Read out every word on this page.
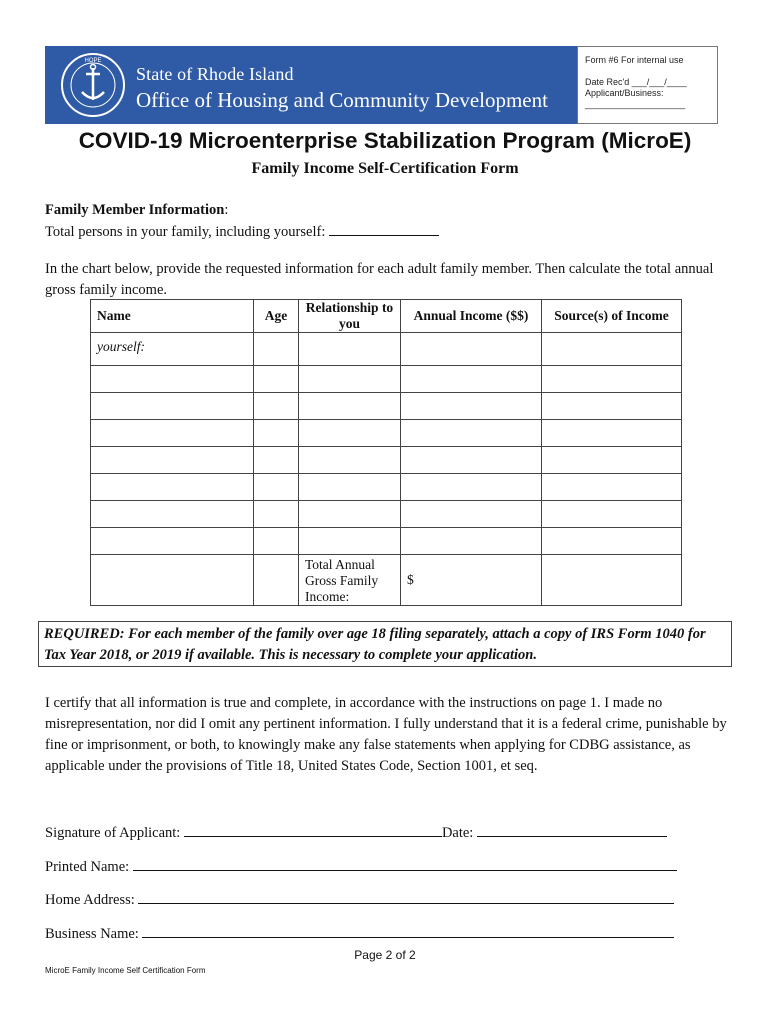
HOPE
State of Rhode Island
Office of Housing and Community Development
Form #6 For internal use
Date Rec'd ___/___/____
Applicant/Business:
____________________
COVID-19 Microenterprise Stabilization Program (MicroE)
Family Income Self-Certification Form
Family Member Information:
Total persons in your family, including yourself:
In the chart below, provide the requested information for each adult family member. Then calculate the total annual gross family income.
Name	Age	Relationship to you	Annual Income ($$)	Source(s) of Income
yourself:				

		Total Annual Gross Family Income:	$	
REQUIRED: For each member of the family over age 18 filing separately, attach a copy of IRS Form 1040 for Tax Year 2018, or 2019 if available. This is necessary to complete your application.
I certify that all information is true and complete, in accordance with the instructions on page 1. I made no misrepresentation, nor did I omit any pertinent information. I fully understand that it is a federal crime, punishable by fine or imprisonment, or both, to knowingly make any false statements when applying for CDBG assistance, as applicable under the provisions of Title 18, United States Code, Section 1001, et seq.
Signature of Applicant:	Date:
Printed Name:
Home Address:
Business Name:
Page 2 of 2
MicroE Family Income Self Certification Form
